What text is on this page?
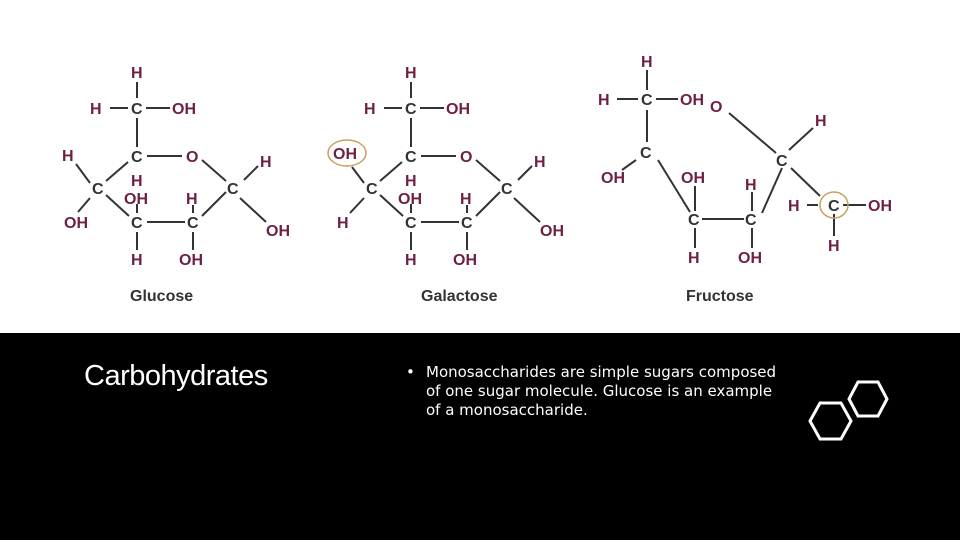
H
H C OH
H	C	O	H
H
C
OH H
C
OH	C	C	OH
H OH
Glucose
H
H C OH
OH	C	O	H
H
C
OH H
C
H	C	C	OH
H OH
Galactose
H
H C OH O
H
C	C
OH	OH	H
H C OH
C	C
H
H OH
Fructose
Carbohydrates	• Monosaccharides are simple sugars composed of one sugar molecule. Glucose is an example of a monosaccharide.
